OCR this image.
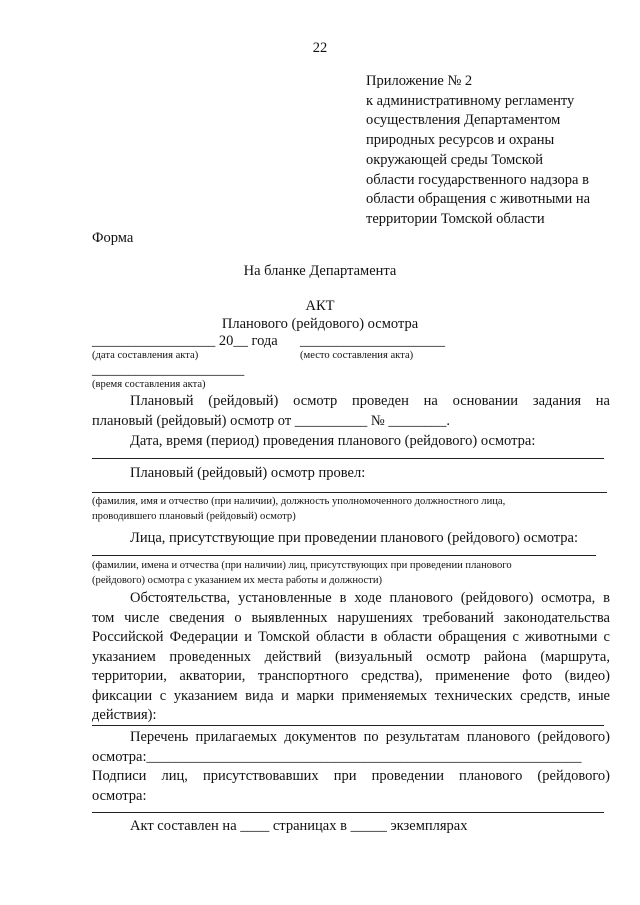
22
Приложение № 2
к административному регламенту
осуществления Департаментом
природных ресурсов и охраны
окружающей среды Томской
области государственного надзора в
области обращения с животными на
территории Томской области
Форма
На бланке Департамента
АКТ
Планового (рейдового) осмотра
_________________ 20__ года ____________________
(дата составления акта)	(место составления акта)
_____________________
(время составления акта)
Плановый (рейдовый) осмотр проведен на основании задания на
плановый (рейдовый) осмотр от __________ № ________.
Дата, время (период) проведения планового (рейдового) осмотра:
Плановый (рейдовый) осмотр провел:
(фамилия, имя и отчество (при наличии), должность уполномоченного должностного лица,
проводившего плановый (рейдовый) осмотр)
Лица, присутствующие при проведении планового (рейдового) осмотра:
(фамилии, имена и отчества (при наличии) лиц, присутствующих при проведении планового
(рейдового) осмотра с указанием их места работы и должности)
Обстоятельства, установленные в ходе планового (рейдового) осмотра, в
том числе сведения о выявленных нарушениях требований законодательства
Российской Федерации и Томской области в области обращения с животными с
указанием проведенных действий (визуальный осмотр района (маршрута,
территории, акватории, транспортного средства), применение фото (видео)
фиксации с указанием вида и марки применяемых технических средств, иные
действия):
Перечень прилагаемых документов по результатам планового (рейдового)
осмотра:____________________________________________________________
Подписи лиц, присутствовавших при проведении планового (рейдового)
осмотра:
Акт составлен на ____ страницах в _____ экземплярах
